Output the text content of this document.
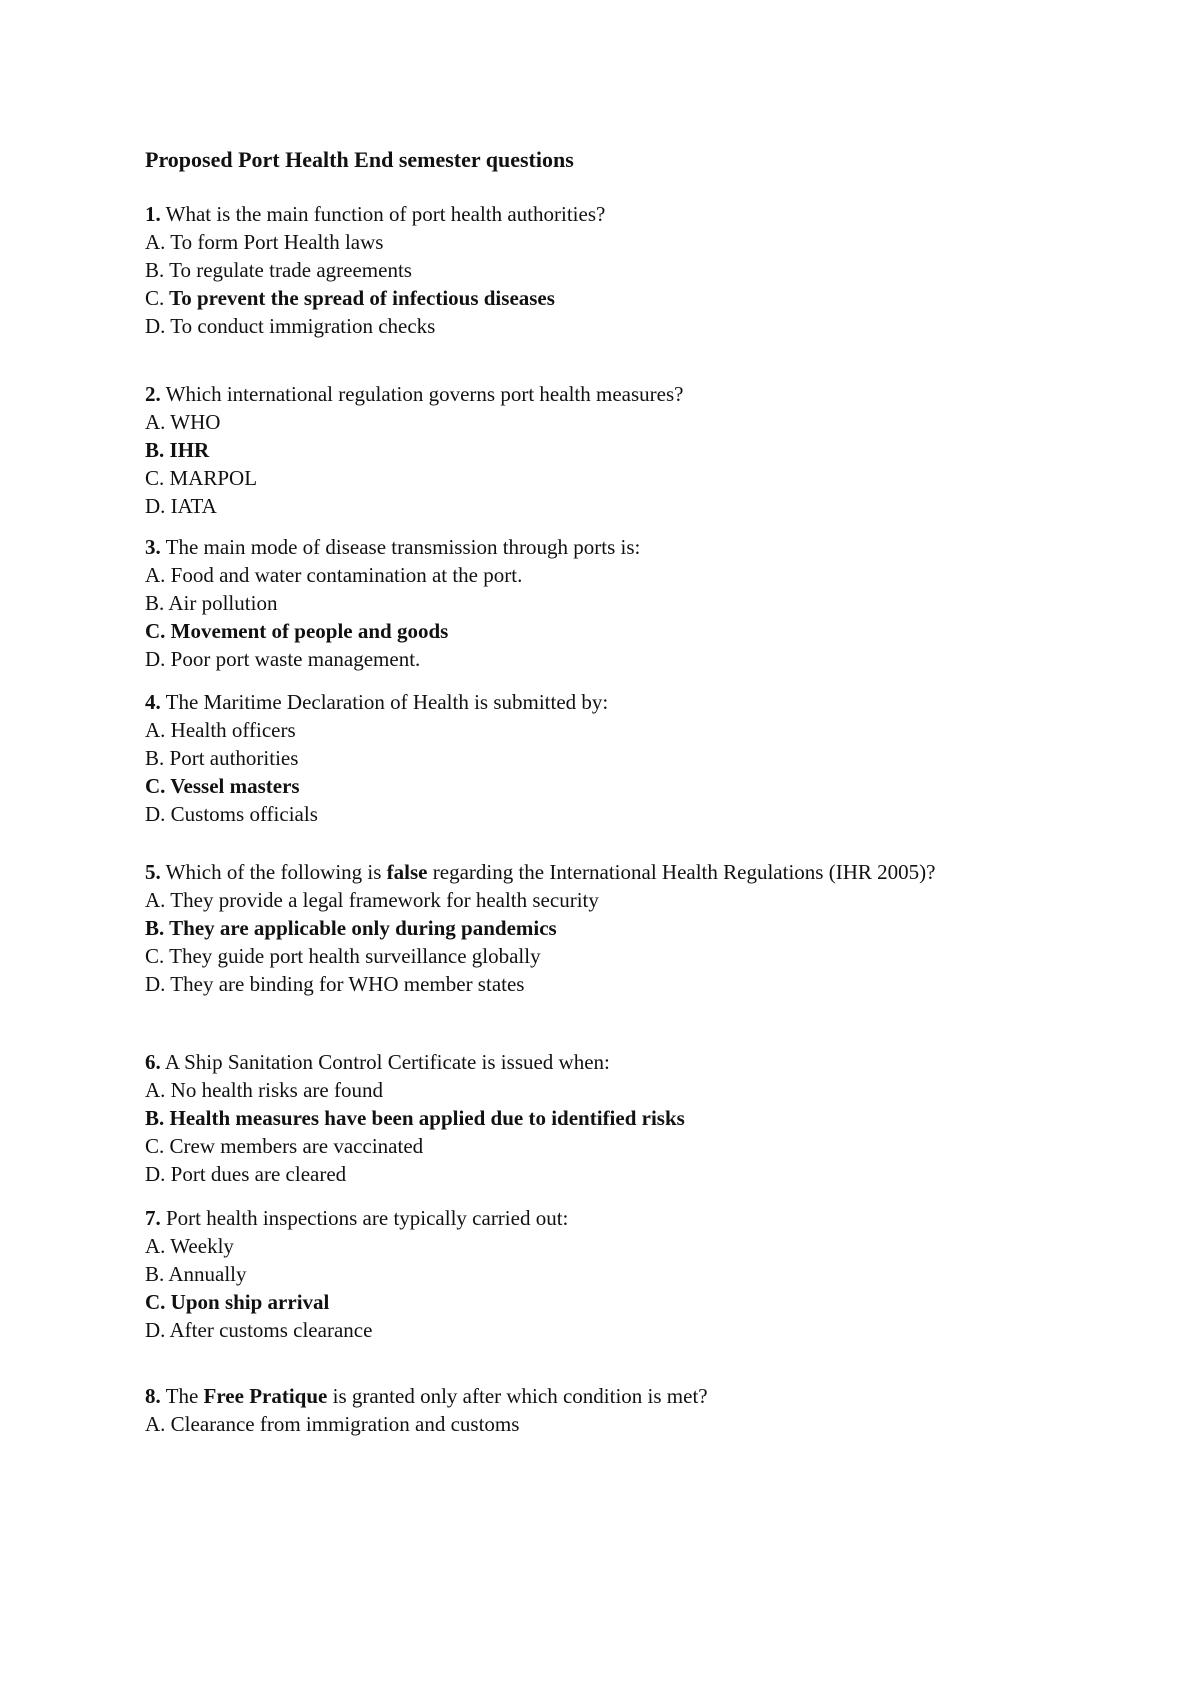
Proposed Port Health End semester questions
1. What is the main function of port health authorities?
A. To form Port Health laws
B. To regulate trade agreements
C. To prevent the spread of infectious diseases
D. To conduct immigration checks
2. Which international regulation governs port health measures?
A. WHO
B. IHR
C. MARPOL
D. IATA
3. The main mode of disease transmission through ports is:
A. Food and water contamination at the port.
B. Air pollution
C. Movement of people and goods
D. Poor port waste management.
4. The Maritime Declaration of Health is submitted by:
A. Health officers
B. Port authorities
C. Vessel masters
D. Customs officials
5. Which of the following is false regarding the International Health Regulations (IHR 2005)?
A. They provide a legal framework for health security
B. They are applicable only during pandemics
C. They guide port health surveillance globally
D. They are binding for WHO member states
6. A Ship Sanitation Control Certificate is issued when:
A. No health risks are found
B. Health measures have been applied due to identified risks
C. Crew members are vaccinated
D. Port dues are cleared
7. Port health inspections are typically carried out:
A. Weekly
B. Annually
C. Upon ship arrival
D. After customs clearance
8. The Free Pratique is granted only after which condition is met?
A. Clearance from immigration and customs
